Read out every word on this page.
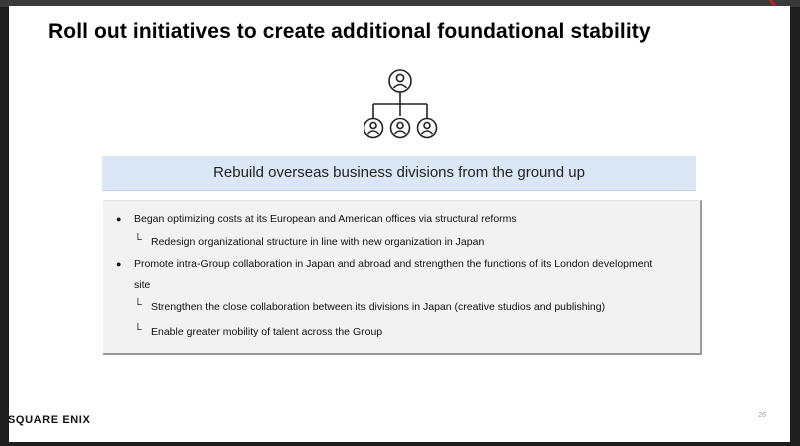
Roll out initiatives to create additional foundational stability
Rebuild overseas business divisions from the ground up
● Began optimizing costs at its European and American offices via structural reforms
└ Redesign organizational structure in line with new organization in Japan
● Promote intra-Group collaboration in Japan and abroad and strengthen the functions of its London development
site
└ Strengthen the close collaboration between its divisions in Japan (creative studios and publishing)
└ Enable greater mobility of talent across the Group
26
SQUARE ENIX
